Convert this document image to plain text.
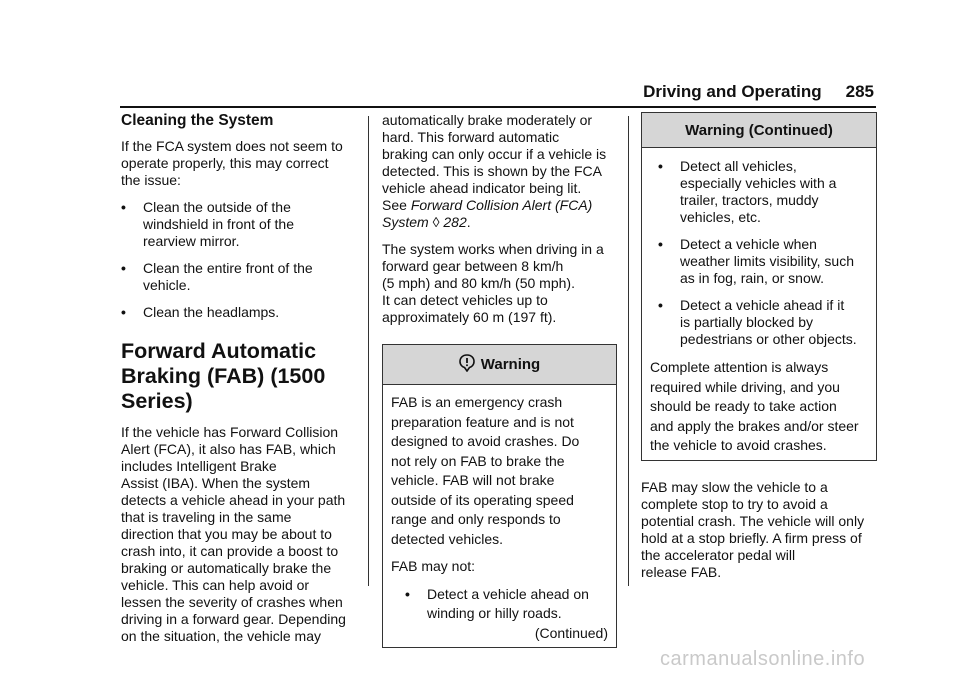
Driving and Operating 285

Cleaning the System

If the FCA system does not seem to

operate properly, this may correct

the issue:

• Clean the outside of the

windshield in front of the

rearview mirror.

• Clean the entire front of the

vehicle.

• Clean the headlamps.

Forward Automatic

Braking (FAB) (1500

Series)

If the vehicle has Forward Collision

Alert (FCA), it also has FAB, which

includes Intelligent Brake

Assist (IBA). When the system

detects a vehicle ahead in your path

that is traveling in the same

direction that you may be about to

crash into, it can provide a boost to

braking or automatically brake the

vehicle. This can help avoid or

lessen the severity of crashes when

driving in a forward gear. Depending

on the situation, the vehicle may

automatically brake moderately or

hard. This forward automatic

braking can only occur if a vehicle is

detected. This is shown by the FCA

vehicle ahead indicator being lit.

See Forward Collision Alert (FCA)

System ◊ 282.

The system works when driving in a

forward gear between 8 km/h

(5 mph) and 80 km/h (50 mph).

It can detect vehicles up to

approximately 60 m (197 ft).

Warning

FAB is an emergency crash

preparation feature and is not

designed to avoid crashes. Do

not rely on FAB to brake the

vehicle. FAB will not brake

outside of its operating speed

range and only responds to

detected vehicles.

FAB may not:

• Detect a vehicle ahead on

winding or hilly roads.

(Continued)

Warning (Continued)
• Detect all vehicles,

especially vehicles with a

trailer, tractors, muddy

vehicles, etc.

• Detect a vehicle when

weather limits visibility, such

as in fog, rain, or snow.

• Detect a vehicle ahead if it

is partially blocked by

pedestrians or other objects.

Complete attention is always

required while driving, and you

should be ready to take action

and apply the brakes and/or steer

the vehicle to avoid crashes.

FAB may slow the vehicle to a

complete stop to try to avoid a

potential crash. The vehicle will only

hold at a stop briefly. A firm press of

the accelerator pedal will

release FAB.

carmanualsonline.info
